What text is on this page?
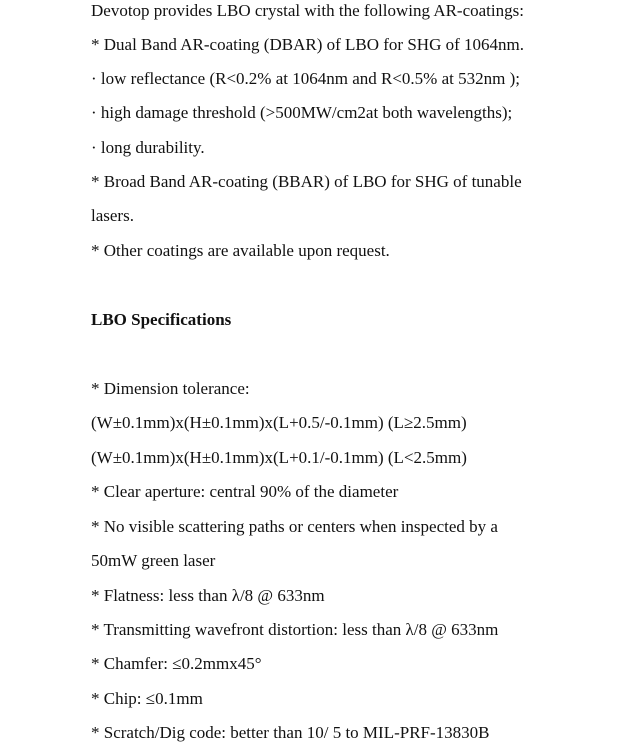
Devotop provides LBO crystal with the following AR-coatings:
* Dual Band AR-coating (DBAR) of LBO for SHG of 1064nm.
· low reflectance (R<0.2% at 1064nm and R<0.5% at 532nm );
· high damage threshold (>500MW/cm2at both wavelengths);
· long durability.
* Broad Band AR-coating (BBAR) of LBO for SHG of tunable
lasers.
* Other coatings are available upon request.
LBO Specifications
* Dimension tolerance:
(W±0.1mm)x(H±0.1mm)x(L+0.5/-0.1mm) (L≥2.5mm)
(W±0.1mm)x(H±0.1mm)x(L+0.1/-0.1mm) (L<2.5mm)
* Clear aperture: central 90% of the diameter
* No visible scattering paths or centers when inspected by a
50mW green laser
* Flatness: less than λ/8 @ 633nm
* Transmitting wavefront distortion: less than λ/8 @ 633nm
* Chamfer: ≤0.2mmx45°
* Chip: ≤0.1mm
* Scratch/Dig code: better than 10/ 5 to MIL-PRF-13830B
